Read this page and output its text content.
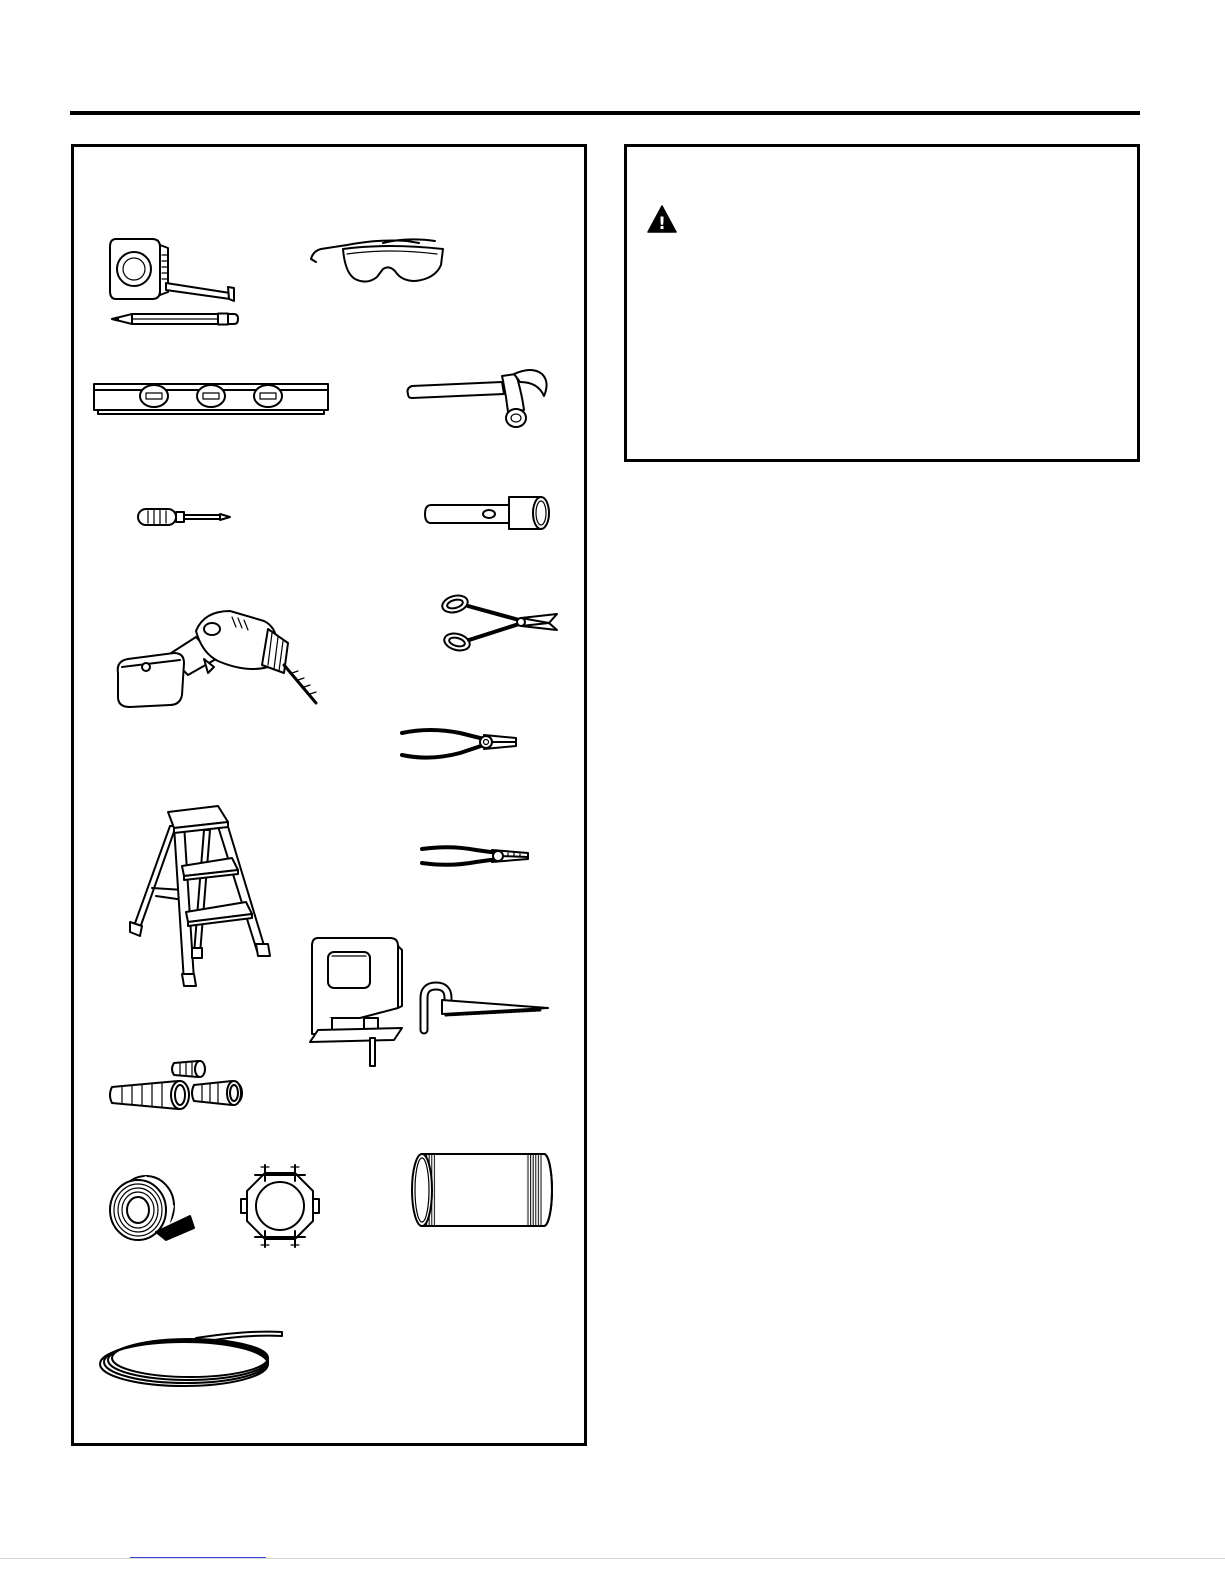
!
